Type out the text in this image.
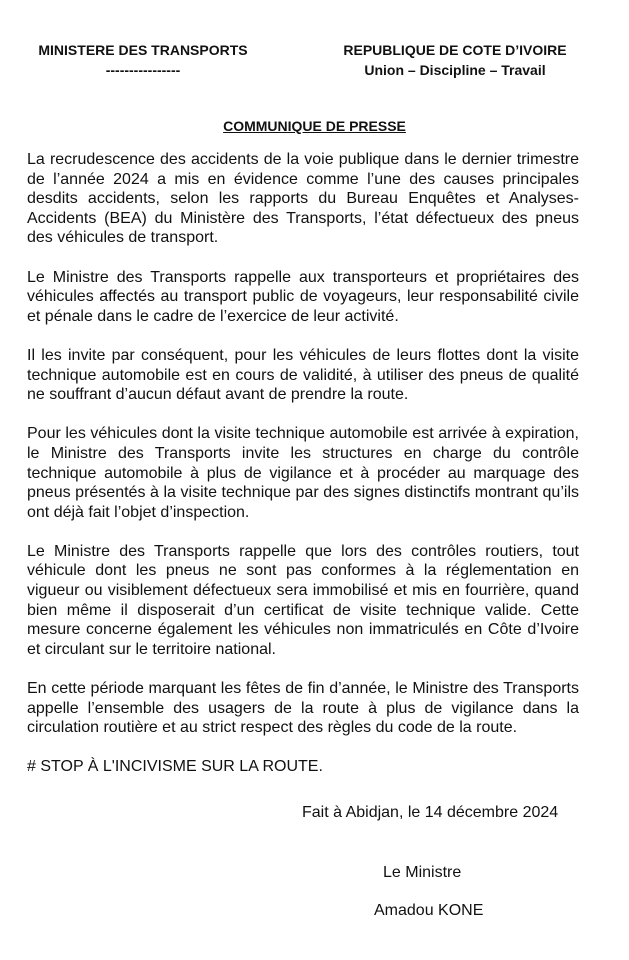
MINISTERE DES TRANSPORTS
----------------
REPUBLIQUE DE COTE D’IVOIRE
Union – Discipline – Travail
COMMUNIQUE DE PRESSE

La recrudescence des accidents de la voie publique dans le dernier trimestre de l’année 2024 a mis en évidence comme l’une des causes principales desdits accidents, selon les rapports du Bureau Enquêtes et Analyses-Accidents (BEA) du Ministère des Transports, l’état défectueux des pneus des véhicules de transport.

Le Ministre des Transports rappelle aux transporteurs et propriétaires des véhicules affectés au transport public de voyageurs, leur responsabilité civile et pénale dans le cadre de l’exercice de leur activité.

Il les invite par conséquent, pour les véhicules de leurs flottes dont la visite technique automobile est en cours de validité, à utiliser des pneus de qualité ne souffrant d’aucun défaut avant de prendre la route.

Pour les véhicules dont la visite technique automobile est arrivée à expiration, le Ministre des Transports invite les structures en charge du contrôle technique automobile à plus de vigilance et à procéder au marquage des pneus présentés à la visite technique par des signes distinctifs montrant qu’ils ont déjà fait l’objet d’inspection.

Le Ministre des Transports rappelle que lors des contrôles routiers, tout véhicule dont les pneus ne sont pas conformes à la réglementation en vigueur ou visiblement défectueux sera immobilisé et mis en fourrière, quand bien même il disposerait d’un certificat de visite technique valide. Cette mesure concerne également les véhicules non immatriculés en Côte d’Ivoire et circulant sur le territoire national.

En cette période marquant les fêtes de fin d’année, le Ministre des Transports appelle l’ensemble des usagers de la route à plus de vigilance dans la circulation routière et au strict respect des règles du code de la route.

# STOP À L'INCIVISME SUR LA ROUTE.

Fait à Abidjan, le 14 décembre 2024
Le Ministre
Amadou KONE
